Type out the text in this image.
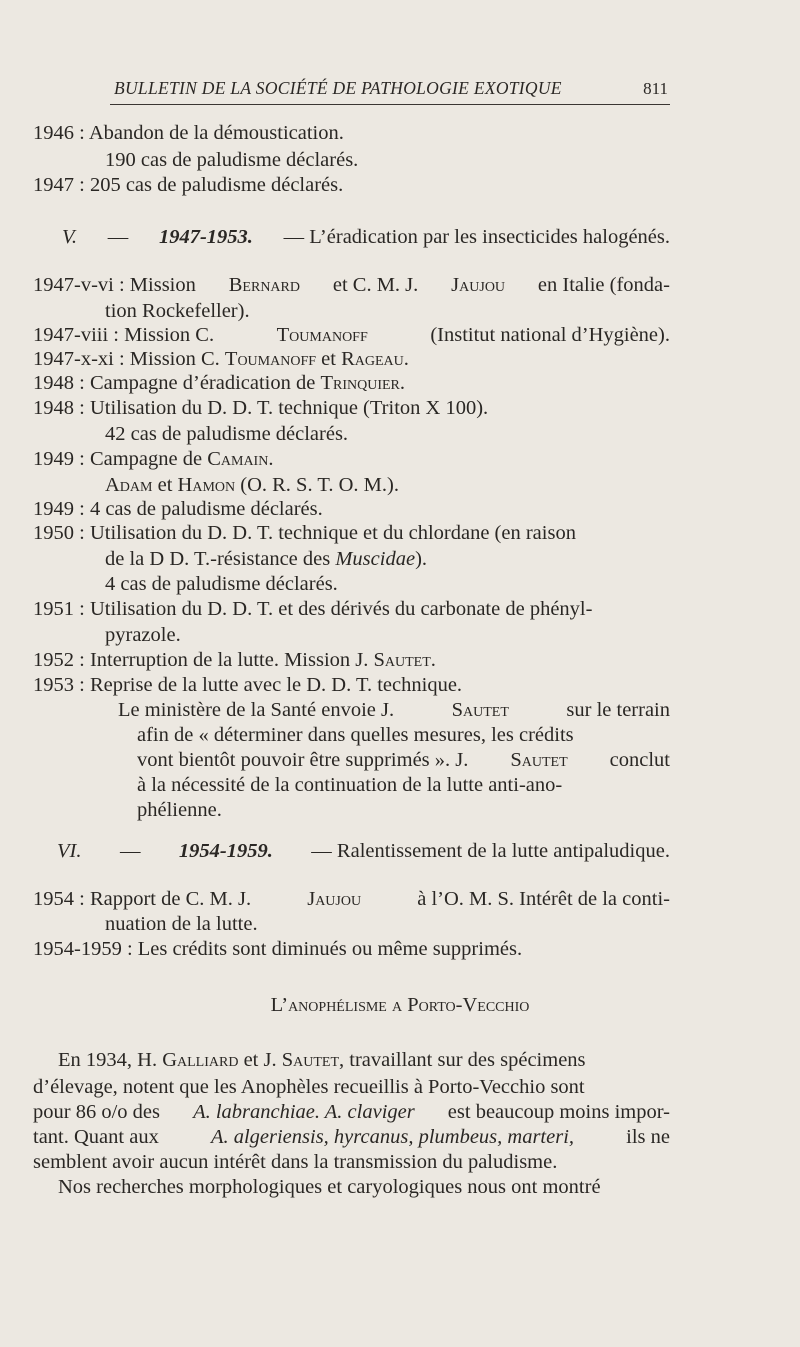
BULLETIN DE LA SOCIÉTÉ DE PATHOLOGIE EXOTIQUE	811
1946 : Abandon de la démoustication.
190 cas de paludisme déclarés.
1947 : 205 cas de paludisme déclarés.
V. — 1947-1953. — L’éradication par les insecticides halogénés.
1947-v-vi : Mission Bernard et C. M. J. Jaujou en Italie (fonda-
tion Rockefeller).
1947-viii : Mission C.	Toumanoff	(Institut national d’Hygiène).
1947-x-xi : Mission C. Toumanoff et Rageau.
1948 : Campagne d’éradication de Trinquier.
1948 : Utilisation du D. D. T. technique (Triton X 100).
42 cas de paludisme déclarés.
1949 : Campagne de Camain.
Adam et Hamon (O. R. S. T. O. M.).
1949 : 4 cas de paludisme déclarés.
1950 : Utilisation du D. D. T. technique et du chlordane (en raison
de la D D. T.-résistance des Muscidae).
4 cas de paludisme déclarés.
1951 : Utilisation du D. D. T. et des dérivés du carbonate de phényl-
pyrazole.
1952 : Interruption de la lutte. Mission J. Sautet.
1953 : Reprise de la lutte avec le D. D. T. technique.
Le ministère de la Santé envoie J.	Sautet	sur le terrain
afin de « déterminer dans quelles mesures, les crédits
vont bientôt pouvoir être supprimés ». J. Sautet conclut
à la nécessité de la continuation de la lutte anti-ano-
phélienne.
VI. — 1954-1959. — Ralentissement de la lutte antipaludique.
1954 : Rapport de C. M. J.	Jaujou	à l’O. M. S. Intérêt de la conti-
nuation de la lutte.
1954-1959 : Les crédits sont diminués ou même supprimés.
L’anophélisme a Porto-Vecchio
En 1934, H. Galliard et J. Sautet, travaillant sur des spécimens
d’élevage, notent que les Anophèles recueillis à Porto-Vecchio sont
pour 86 o/o des A. labranchiae. A. claviger est beaucoup moins impor-
tant. Quant aux	A. algeriensis, hyrcanus, plumbeus, marteri,	ils ne
semblent avoir aucun intérêt dans la transmission du paludisme.
Nos recherches morphologiques et caryologiques nous ont montré
